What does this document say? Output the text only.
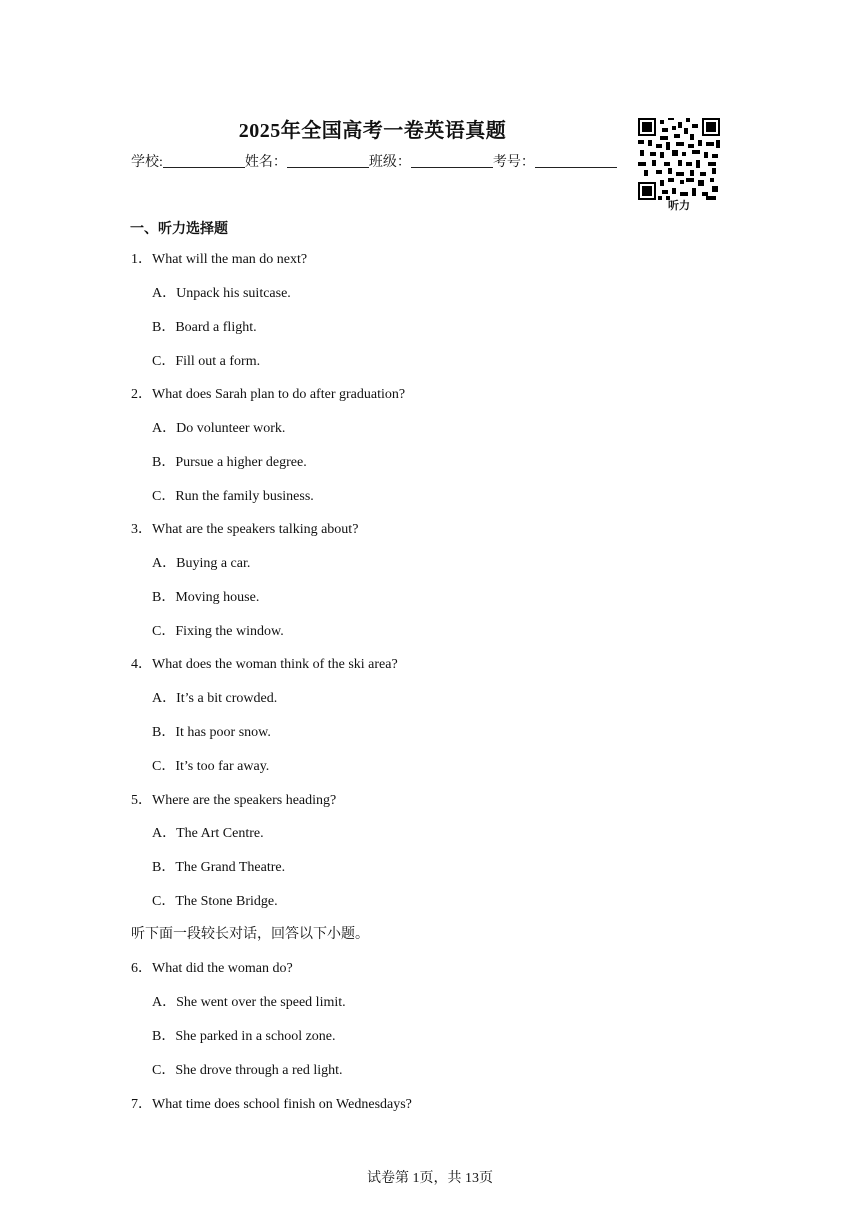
2025年全国高考一卷英语真题
学校:	姓名：	班级：	考号：
听力
一、听力选择题
1．What will the man do next?
A．Unpack his suitcase.
B．Board a flight.
C．Fill out a form.
2．What does Sarah plan to do after graduation?
A．Do volunteer work.
B．Pursue a higher degree.
C．Run the family business.
3．What are the speakers talking about?
A．Buying a car.
B．Moving house.
C．Fixing the window.
4．What does the woman think of the ski area?
A．It’s a bit crowded.
B．It has poor snow.
C．It’s too far away.
5．Where are the speakers heading?
A．The Art Centre.
B．The Grand Theatre.
C．The Stone Bridge.
听下面一段较长对话，回答以下小题。
6．What did the woman do?
A．She went over the speed limit.
B．She parked in a school zone.
C．She drove through a red light.
7．What time does school finish on Wednesdays?
试卷第 1页，共 13页
